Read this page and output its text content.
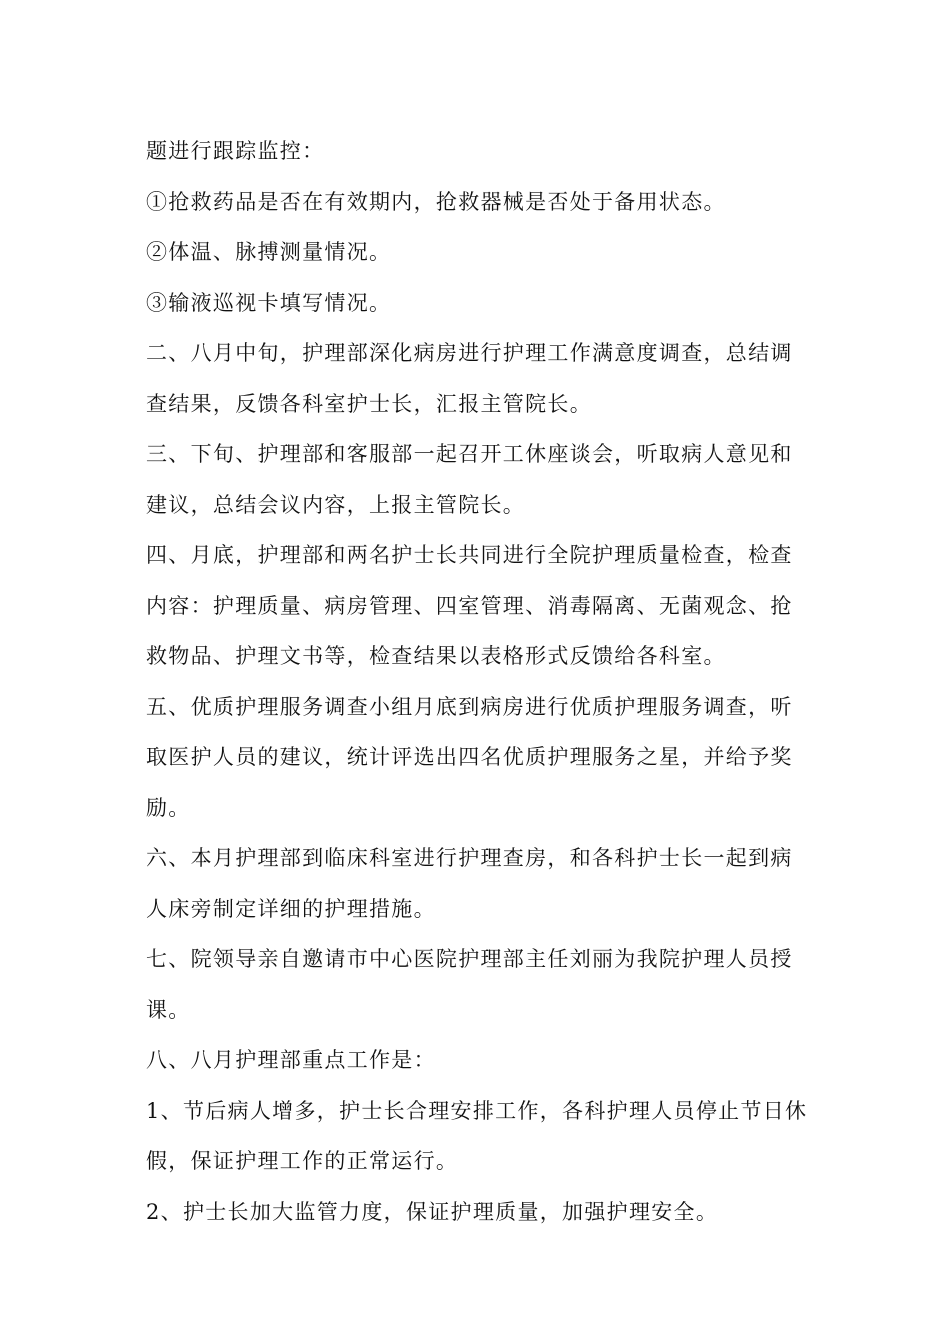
题进行跟踪监控：
①抢救药品是否在有效期内，抢救器械是否处于备用状态。
②体温、脉搏测量情况。
③输液巡视卡填写情况。
二、八月中旬，护理部深化病房进行护理工作满意度调查，总结调
查结果，反馈各科室护士长，汇报主管院长。
三、下旬、护理部和客服部一起召开工休座谈会，听取病人意见和
建议，总结会议内容，上报主管院长。
四、月底，护理部和两名护士长共同进行全院护理质量检查，检查
内容：护理质量、病房管理、四室管理、消毒隔离、无菌观念、抢
救物品、护理文书等，检查结果以表格形式反馈给各科室。
五、优质护理服务调查小组月底到病房进行优质护理服务调查，听
取医护人员的建议，统计评选出四名优质护理服务之星，并给予奖
励。
六、本月护理部到临床科室进行护理查房，和各科护士长一起到病
人床旁制定详细的护理措施。
七、院领导亲自邀请市中心医院护理部主任刘丽为我院护理人员授
课。
八、八月护理部重点工作是：
1、节后病人增多，护士长合理安排工作，各科护理人员停止节日休
假，保证护理工作的正常运行。
2、护士长加大监管力度，保证护理质量，加强护理安全。
